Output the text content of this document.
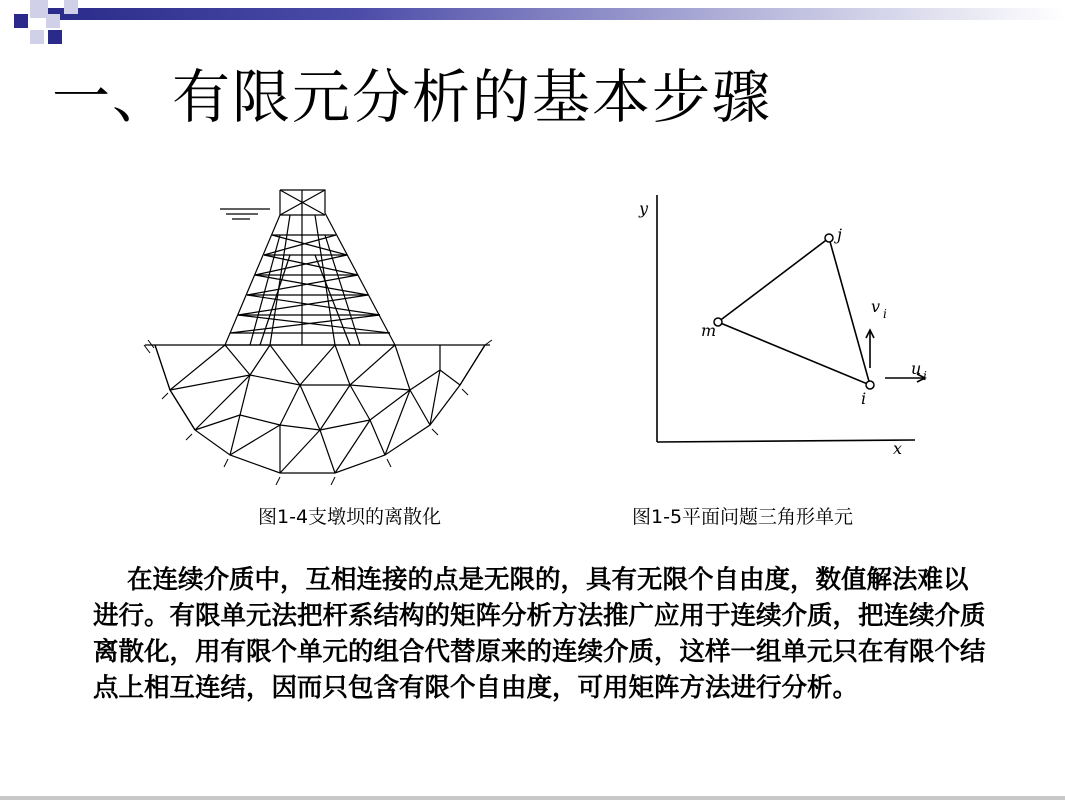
一、有限元分析的基本步骤
图1-4支墩坝的离散化
y
x
j
m
i
v i
u i
图1-5平面问题三角形单元
在连续介质中，互相连接的点是无限的，具有无限个自由度，数值解法难以进行。有限单元法把杆系结构的矩阵分析方法推广应用于连续介质，把连续介质离散化，用有限个单元的组合代替原来的连续介质，这样一组单元只在有限个结点上相互连结，因而只包含有限个自由度，可用矩阵方法进行分析。
